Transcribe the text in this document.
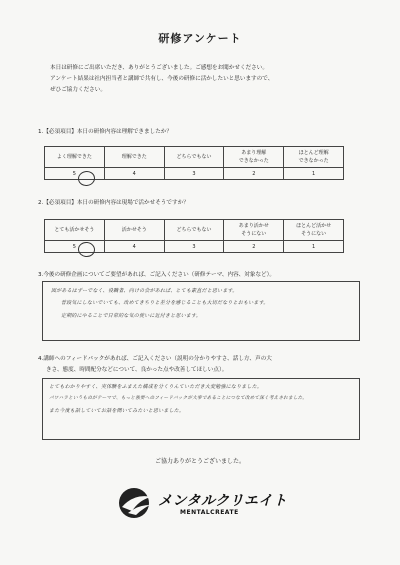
研修アンケート
本日は研修にご出席いただき、ありがとうございました。ご感想をお聞かせください。
アンケート結果は社内担当者と講師で共有し、今後の研修に活かしたいと思いますので、
ぜひご協力ください。
1.【必須項目】本日の研修内容は理解できましたか？
よく理解できた	理解できた	どちらでもない	あまり理解
できなかった	ほとんど理解
できなかった
5	4	3	2	1
2.【必須項目】本日の研修内容は現場で活かせそうですか？
とても活かせそう	活かせそう	どちらでもない	あまり活かせ
そうにない	ほとんど活かせ
そうにない
5	4	3	2	1
3.今後の研修企画についてご要望があれば、ご記入ください（研修テーマ、内容、対象など）。
図があるはずーでなく、役職者、向けの会があれば、とても素直だと思います。
普段気にしないでいても、改めてきちりと差分を感じることも大切だなりとおもいます。
定期的にやることで日常的な気の使いに近付きと思います。
4.講師へのフィードバックがあれば、ご記入ください（説明の分かりやすさ、話し方、声の大
きさ、態度、時間配分などについて、良かった点や改善してほしい点）。
とてもわかりやすく、実体験をふまえた構成を分くりんていただき大変勉強になりました。
パワハラというものがテーマで、もっと強要へのフィードバックが大事であることにつなて改めて深く考えされました。
また今度も話していてお話を聞いてみたいと思いました。
ご協力ありがとうございました。
メンタルクリエイト
MENTALCREATE
